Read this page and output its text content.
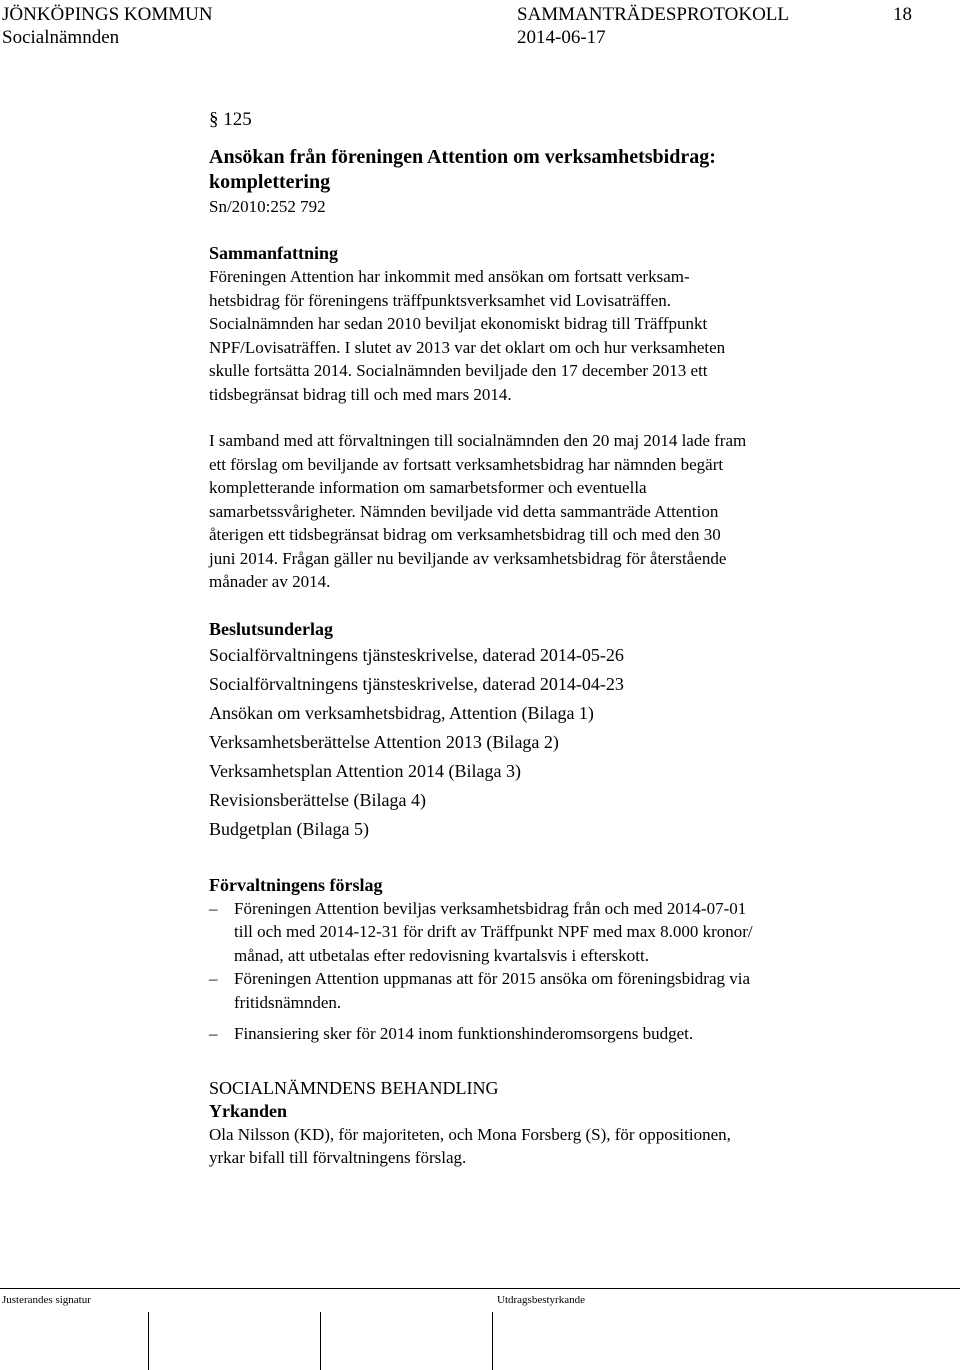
JÖNKÖPINGS KOMMUN	SAMMANTRÄDESPROTOKOLL	18
Socialnämnden	2014-06-17
§ 125
Ansökan från föreningen Attention om verksamhetsbidrag:
komplettering
Sn/2010:252 792
Sammanfattning
Föreningen Attention har inkommit med ansökan om fortsatt verksam-
hetsbidrag för föreningens träffpunktsverksamhet vid Lovisaträffen.
Socialnämnden har sedan 2010 beviljat ekonomiskt bidrag till Träffpunkt
NPF/Lovisaträffen. I slutet av 2013 var det oklart om och hur verksamheten
skulle fortsätta 2014. Socialnämnden beviljade den 17 december 2013 ett
tidsbegränsat bidrag till och med mars 2014.
I samband med att förvaltningen till socialnämnden den 20 maj 2014 lade fram
ett förslag om beviljande av fortsatt verksamhetsbidrag har nämnden begärt
kompletterande information om samarbetsformer och eventuella
samarbetssvårigheter. Nämnden beviljade vid detta sammanträde Attention
återigen ett tidsbegränsat bidrag om verksamhetsbidrag till och med den 30
juni 2014. Frågan gäller nu beviljande av verksamhetsbidrag för återstående
månader av 2014.
Beslutsunderlag
Socialförvaltningens tjänsteskrivelse, daterad 2014-05-26
Socialförvaltningens tjänsteskrivelse, daterad 2014-04-23
Ansökan om verksamhetsbidrag, Attention (Bilaga 1)
Verksamhetsberättelse Attention 2013 (Bilaga 2)
Verksamhetsplan Attention 2014 (Bilaga 3)
Revisionsberättelse (Bilaga 4)
Budgetplan (Bilaga 5)
Förvaltningens förslag
– Föreningen Attention beviljas verksamhetsbidrag från och med 2014-07-01
till och med 2014-12-31 för drift av Träffpunkt NPF med max 8.000 kronor/
månad, att utbetalas efter redovisning kvartalsvis i efterskott.
– Föreningen Attention uppmanas att för 2015 ansöka om föreningsbidrag via
fritidsnämnden.
– Finansiering sker för 2014 inom funktionshinderomsorgens budget.
SOCIALNÄMNDENS BEHANDLING
Yrkanden
Ola Nilsson (KD), för majoriteten, och Mona Forsberg (S), för oppositionen,
yrkar bifall till förvaltningens förslag.
Justerandes signatur	Utdragsbestyrkande
